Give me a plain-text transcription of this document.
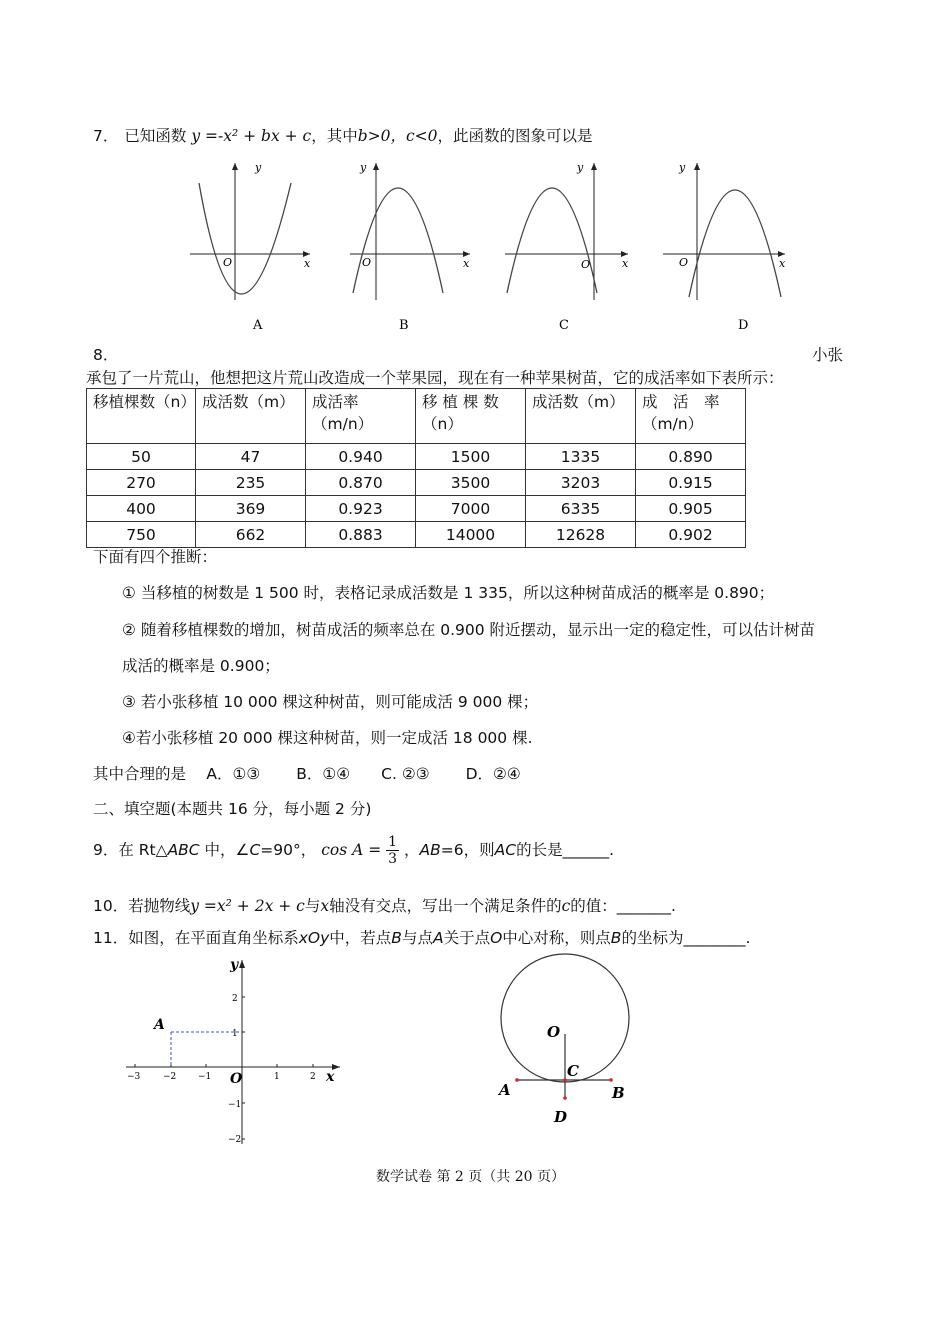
7． 已知函数 y =-x² + bx + c，其中b>0，c<0，此函数的图象可以是
x
y
O
A
x
y
O
B
x
y
O
C
x
y
O
D
8．	小张
承包了一片荒山，他想把这片荒山改造成一个苹果园，现在有一种苹果树苗，它的成活率如下表所示：
移植棵数（n）	成活数（m）	成活率（m/n）	移 植 棵 数（n）	成活数（m）	成　活　率（m/n）
50	47	0.940	1500	1335	0.890
270	235	0.870	3500	3203	0.915
400	369	0.923	7000	6335	0.905
750	662	0.883	14000	12628	0.902
下面有四个推断：
① 当移植的树数是 1 500 时，表格记录成活数是 1 335，所以这种树苗成活的概率是 0.890；
② 随着移植棵数的增加，树苗成活的频率总在 0.900 附近摆动，显示出一定的稳定性，可以估计树苗
成活的概率是 0.900；
③ 若小张移植 10 000 棵这种树苗，则可能成活 9 000 棵；
④若小张移植 20 000 棵这种树苗，则一定成活 18 000 棵.
其中合理的是　 A．①③　　 B．①④　　C. ②③　　 D．②④
二、填空题(本题共 16 分，每小题 2 分)
9．在 Rt△ABC 中，∠C=90°， $\cos A = \frac{1}{3}$ ，AB=6，则AC的长是______.
10．若抛物线y =x² + 2x + c与x轴没有交点，写出一个满足条件的c的值：_______.
11．如图，在平面直角坐标系xOy中，若点B与点A关于点O中心对称，则点B的坐标为________.
−3	−2 −1	1	2
2
1
−1
−2
x
y
O
A	O
C
A	B
D
数学试卷 第 2 页（共 20 页）
